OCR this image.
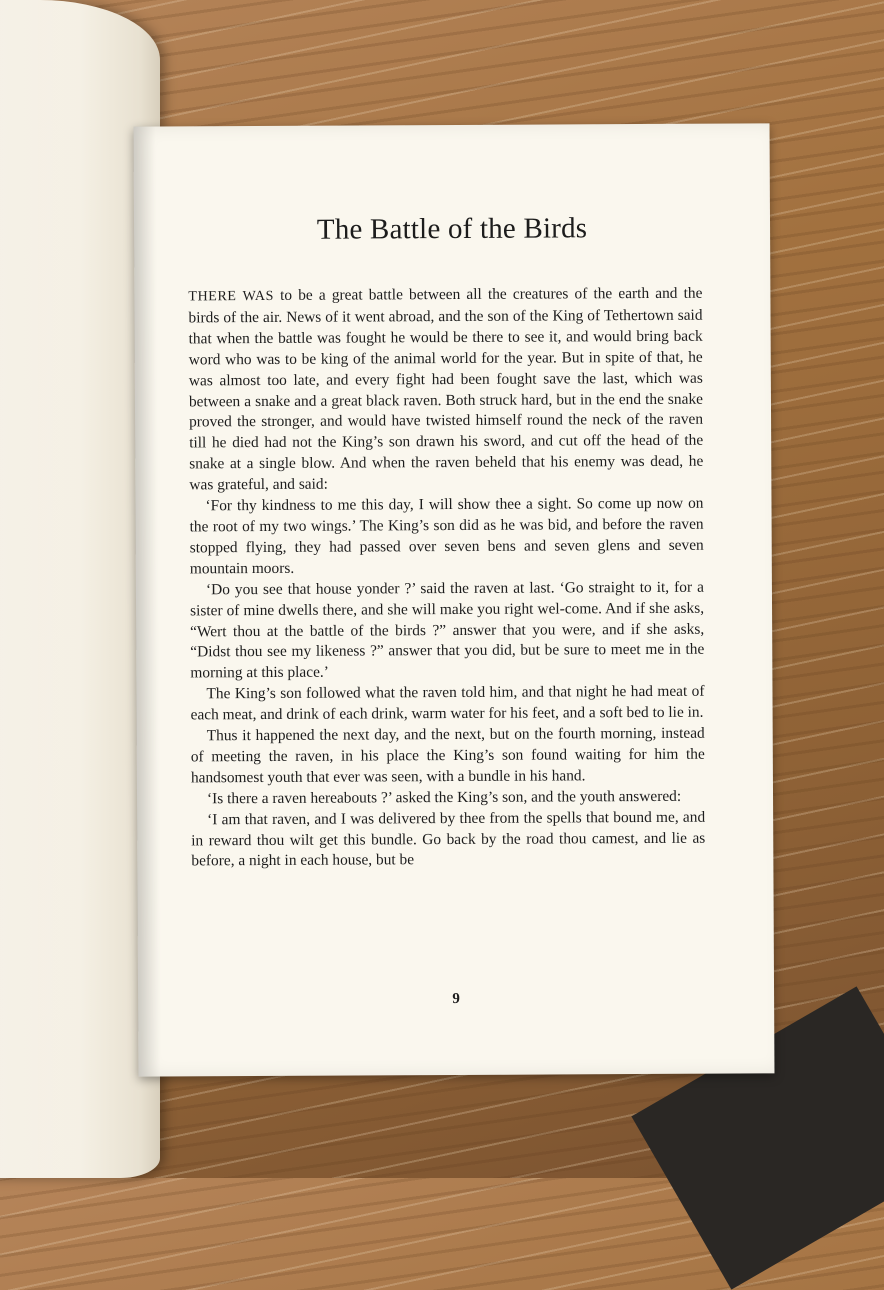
The Battle of the Birds

THERE WAS to be a great battle between all the creatures of the earth and the birds of the air. News of it went abroad, and the son of the King of Tethertown said that when the battle was fought he would be there to see it, and would bring back word who was to be king of the animal world for the year. But in spite of that, he was almost too late, and every fight had been fought save the last, which was between a snake and a great black raven. Both struck hard, but in the end the snake proved the stronger, and would have twisted himself round the neck of the raven till he died had not the King’s son drawn his sword, and cut off the head of the snake at a single blow. And when the raven beheld that his enemy was dead, he was grateful, and said:

‘For thy kindness to me this day, I will show thee a sight. So come up now on the root of my two wings.’ The King’s son did as he was bid, and before the raven stopped flying, they had passed over seven bens and seven glens and seven mountain moors.

‘Do you see that house yonder ?’ said the raven at last. ‘Go straight to it, for a sister of mine dwells there, and she will make you right wel-come. And if she asks, “Wert thou at the battle of the birds ?” answer that you were, and if she asks, “Didst thou see my likeness ?” answer that you did, but be sure to meet me in the morning at this place.’

The King’s son followed what the raven told him, and that night he had meat of each meat, and drink of each drink, warm water for his feet, and a soft bed to lie in.

Thus it happened the next day, and the next, but on the fourth morning, instead of meeting the raven, in his place the King’s son found waiting for him the handsomest youth that ever was seen, with a bundle in his hand.

‘Is there a raven hereabouts ?’ asked the King’s son, and the youth answered:

‘I am that raven, and I was delivered by thee from the spells that bound me, and in reward thou wilt get this bundle. Go back by the road thou camest, and lie as before, a night in each house, but be

9
